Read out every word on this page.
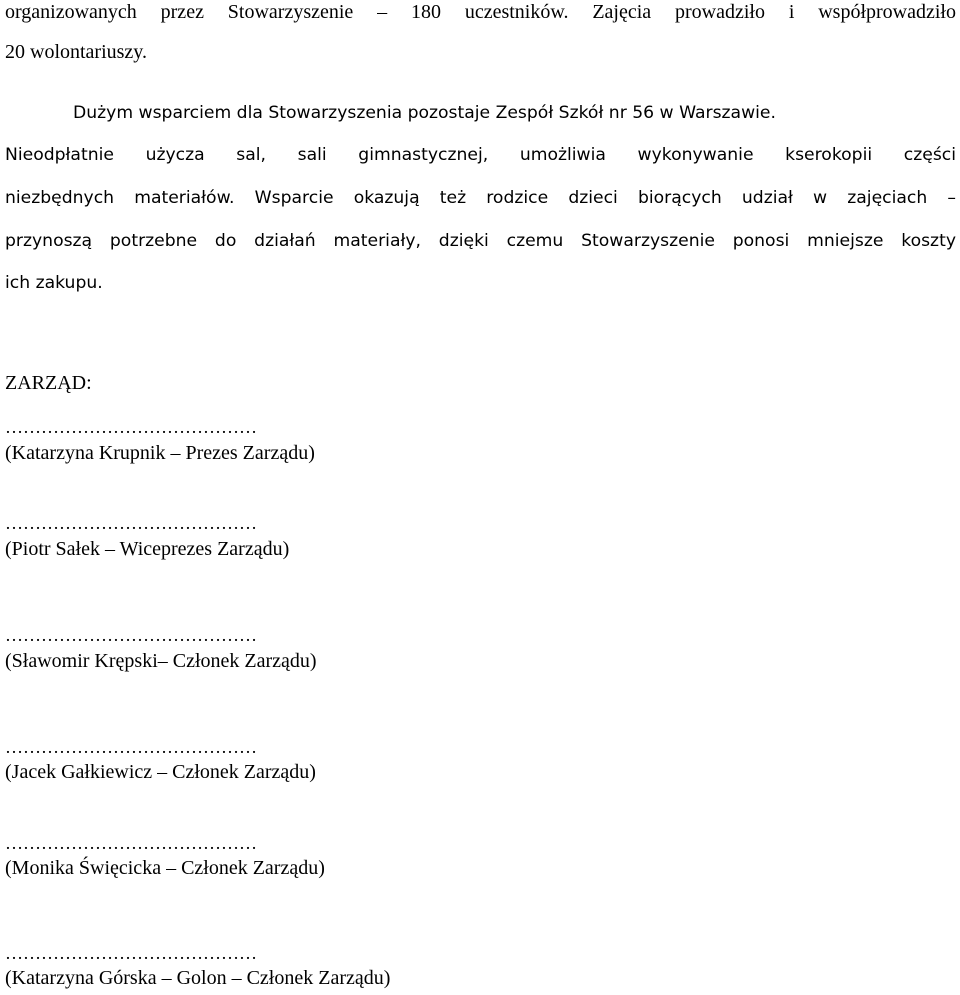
organizowanych przez Stowarzyszenie – 180 uczestników. Zajęcia prowadziło i współprowadziło
20 wolontariuszy.
Dużym wsparciem dla Stowarzyszenia pozostaje Zespół Szkół nr 56 w Warszawie.
Nieodpłatnie użycza sal, sali gimnastycznej, umożliwia wykonywanie kserokopii części
niezbędnych materiałów. Wsparcie okazują też rodzice dzieci biorących udział w zajęciach –
przynoszą potrzebne do działań materiały, dzięki czemu Stowarzyszenie ponosi mniejsze koszty
ich zakupu.
ZARZĄD:
……………………………………
(Katarzyna Krupnik – Prezes Zarządu)
……………………………………
(Piotr Sałek – Wiceprezes Zarządu)
……………………………………
(Sławomir Krępski– Członek Zarządu)
……………………………………
(Jacek Gałkiewicz – Członek Zarządu)
……………………………………
(Monika Święcicka – Członek Zarządu)
……………………………………
(Katarzyna Górska – Golon – Członek Zarządu)
